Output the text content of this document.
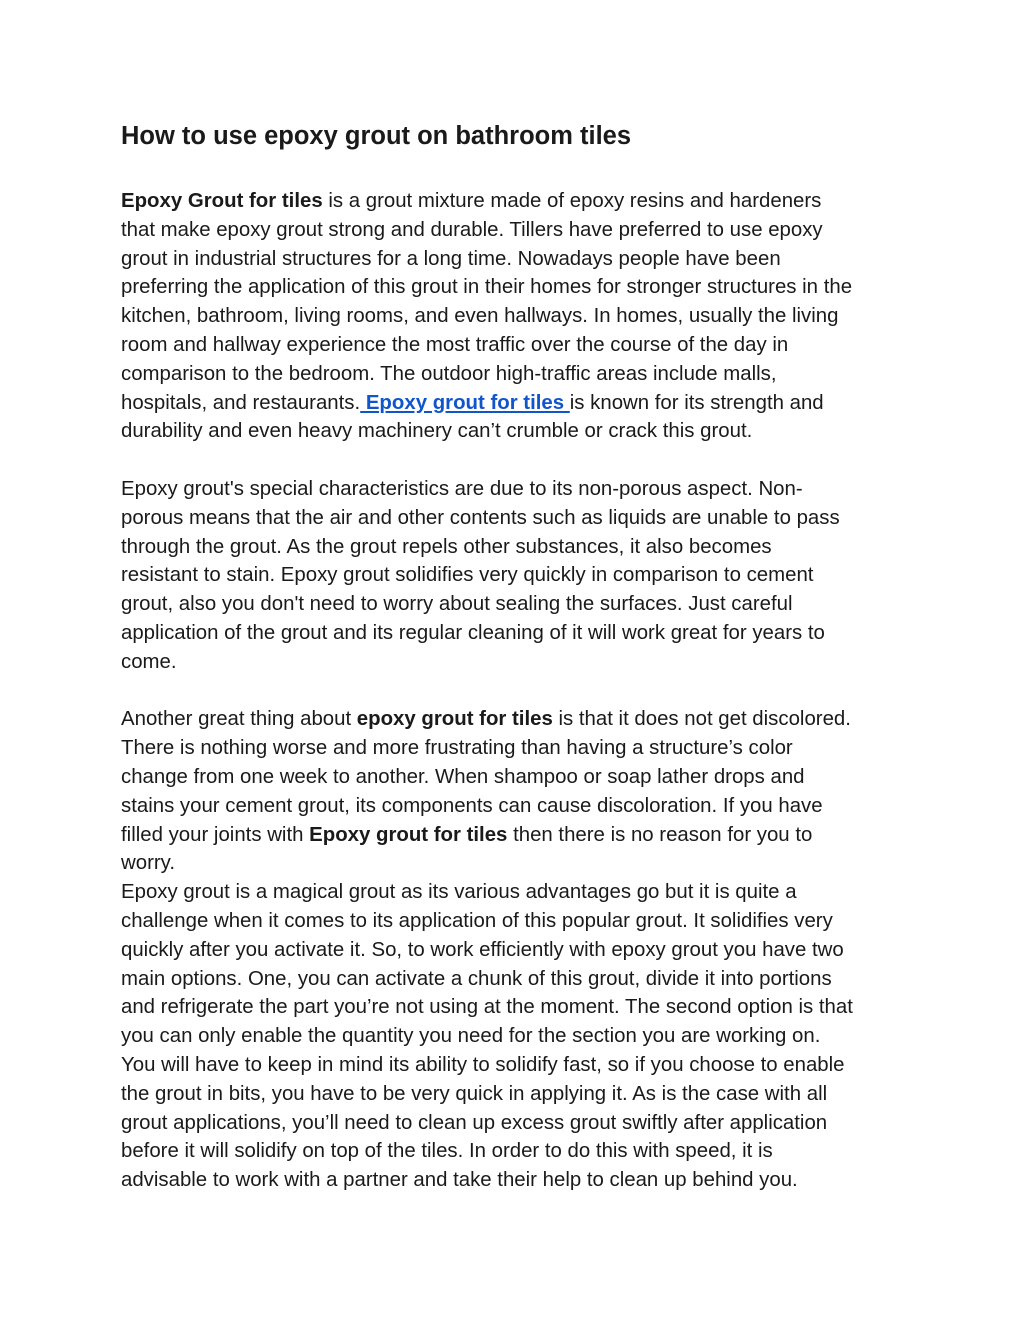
How to use epoxy grout on bathroom tiles

Epoxy Grout for tiles is a grout mixture made of epoxy resins and hardeners
that make epoxy grout strong and durable. Tillers have preferred to use epoxy
grout in industrial structures for a long time. Nowadays people have been
preferring the application of this grout in their homes for stronger structures in the
kitchen, bathroom, living rooms, and even hallways. In homes, usually the living
room and hallway experience the most traffic over the course of the day in
comparison to the bedroom. The outdoor high-traffic areas include malls,
hospitals, and restaurants. Epoxy grout for tiles is known for its strength and
durability and even heavy machinery can’t crumble or crack this grout.

Epoxy grout's special characteristics are due to its non-porous aspect. Non-
porous means that the air and other contents such as liquids are unable to pass
through the grout. As the grout repels other substances, it also becomes
resistant to stain. Epoxy grout solidifies very quickly in comparison to cement
grout, also you don't need to worry about sealing the surfaces. Just careful
application of the grout and its regular cleaning of it will work great for years to
come.

Another great thing about epoxy grout for tiles is that it does not get discolored.
There is nothing worse and more frustrating than having a structure’s color
change from one week to another. When shampoo or soap lather drops and
stains your cement grout, its components can cause discoloration. If you have
filled your joints with Epoxy grout for tiles then there is no reason for you to
worry.

Epoxy grout is a magical grout as its various advantages go but it is quite a
challenge when it comes to its application of this popular grout. It solidifies very
quickly after you activate it. So, to work efficiently with epoxy grout you have two
main options. One, you can activate a chunk of this grout, divide it into portions
and refrigerate the part you’re not using at the moment. The second option is that
you can only enable the quantity you need for the section you are working on.
You will have to keep in mind its ability to solidify fast, so if you choose to enable
the grout in bits, you have to be very quick in applying it. As is the case with all
grout applications, you’ll need to clean up excess grout swiftly after application
before it will solidify on top of the tiles. In order to do this with speed, it is
advisable to work with a partner and take their help to clean up behind you.
